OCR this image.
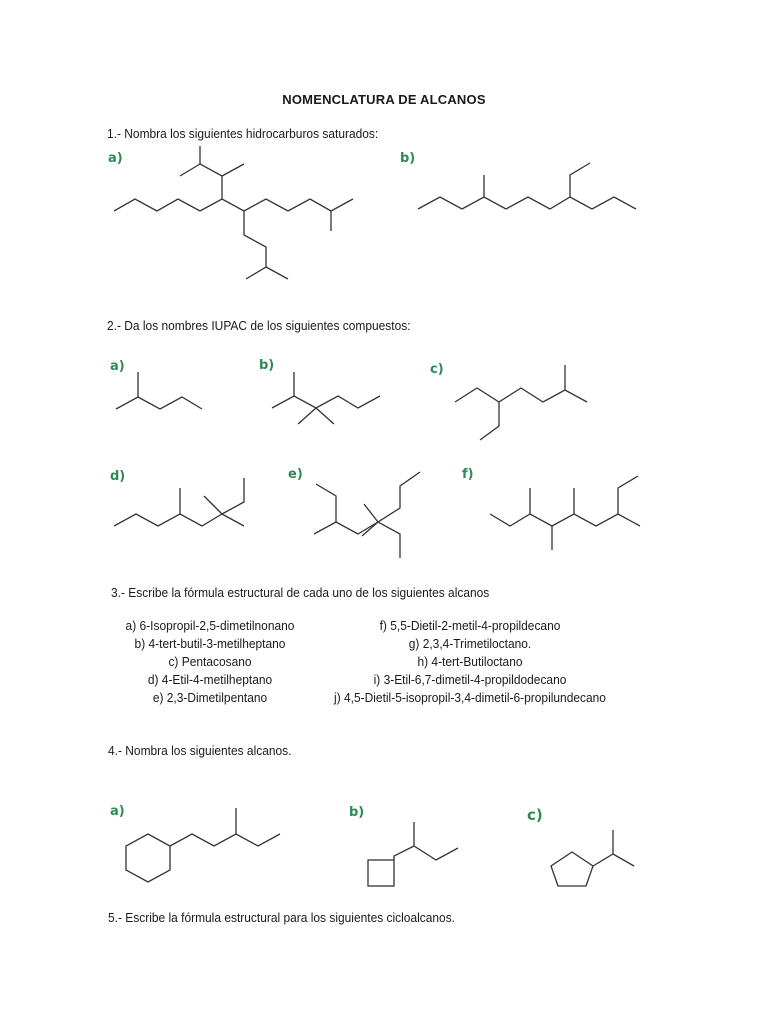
NOMENCLATURA DE ALCANOS
1.- Nombra los siguientes hidrocarburos saturados:
a)	b)
2.- Da los nombres IUPAC de los siguientes compuestos:
a)	b)	c)
d)	e)	f)
3.- Escribe la fórmula estructural de cada uno de los siguientes alcanos
a) 6-Isopropil-2,5-dimetilnonano
b) 4-tert-butil-3-metilheptano
c) Pentacosano
d) 4-Etil-4-metilheptano
e) 2,3-Dimetilpentano
f) 5,5-Dietil-2-metil-4-propildecano
g) 2,3,4-Trimetiloctano.
h) 4-tert-Butiloctano
i) 3-Etil-6,7-dimetil-4-propildodecano
j) 4,5-Dietil-5-isopropil-3,4-dimetil-6-propilundecano
4.- Nombra los siguientes alcanos.
a)	b)	c)
5.- Escribe la fórmula estructural para los siguientes cicloalcanos.
